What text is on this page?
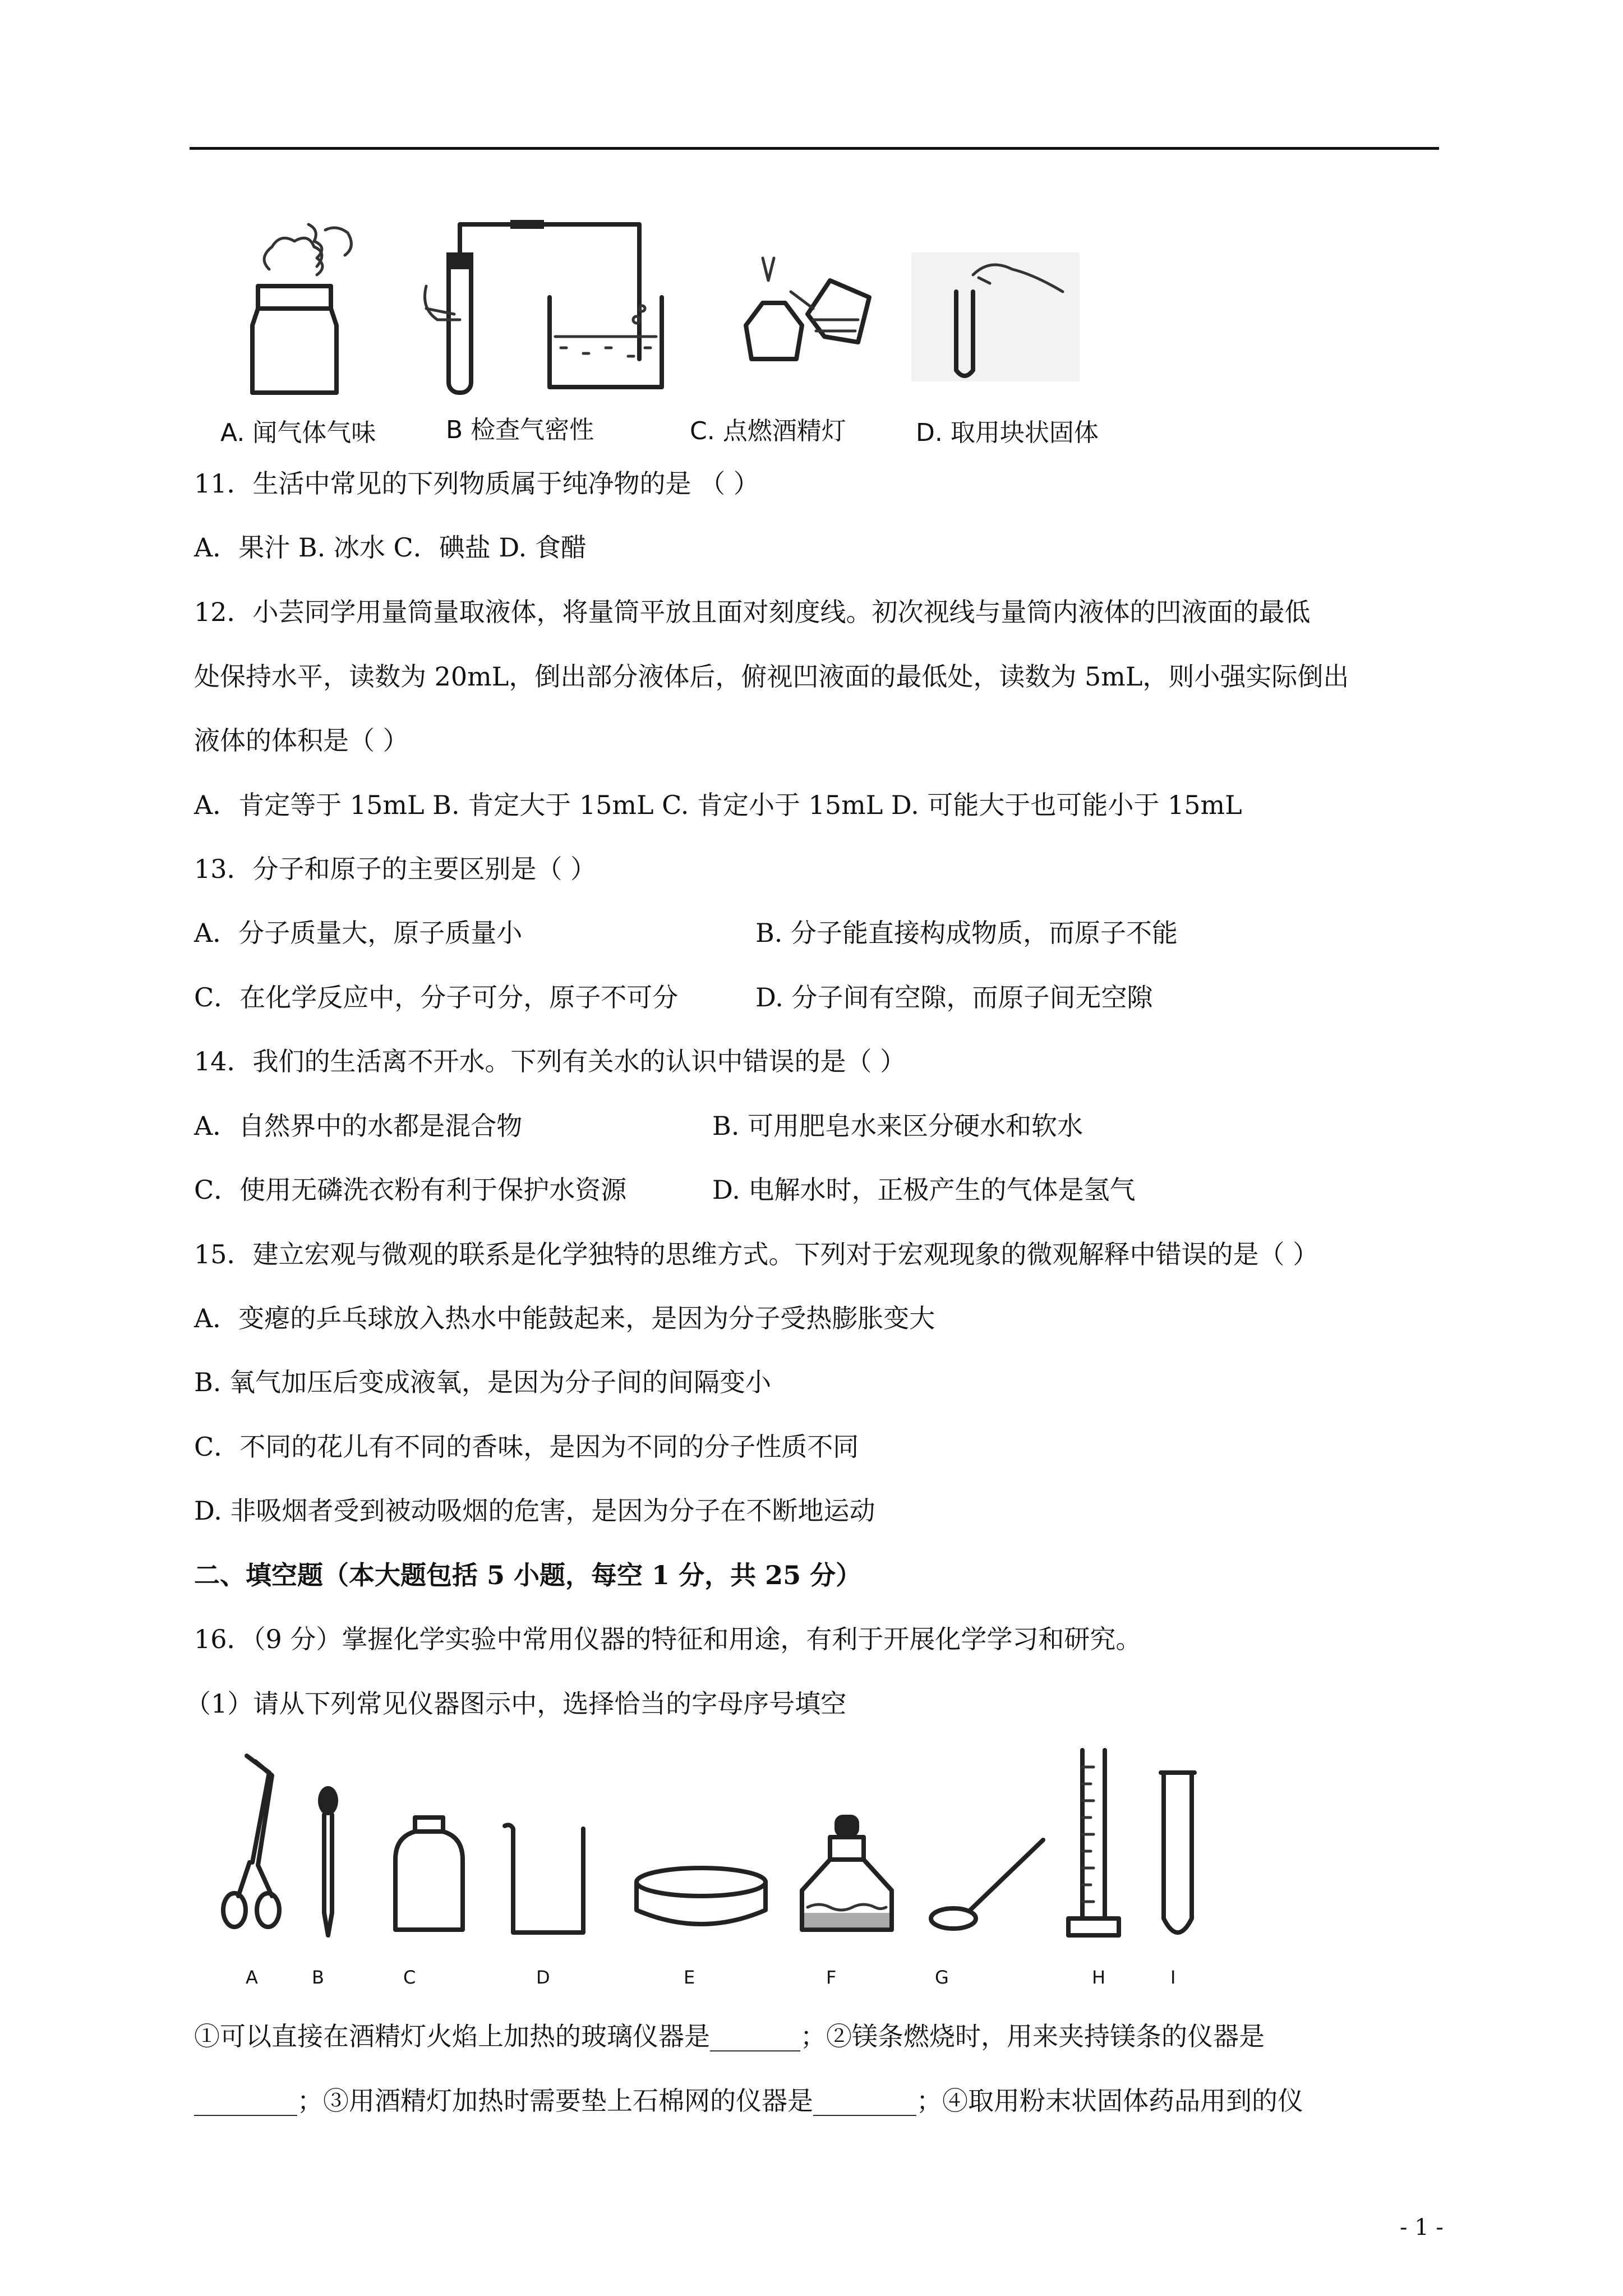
A. 闻气体气味	B 检查气密性	C. 点燃酒精灯	D. 取用块状固体
11．生活中常见的下列物质属于纯净物的是 （ ）
A．果汁 B. 冰水 C．碘盐 D. 食醋
12．小芸同学用量筒量取液体，将量筒平放且面对刻度线。初次视线与量筒内液体的凹液面的最低
处保持水平，读数为 20mL，倒出部分液体后，俯视凹液面的最低处，读数为 5mL，则小强实际倒出
液体的体积是（ ）
A．肯定等于 15mL B. 肯定大于 15mL C. 肯定小于 15mL D. 可能大于也可能小于 15mL
13．分子和原子的主要区别是（ ）
A．分子质量大，原子质量小	B. 分子能直接构成物质，而原子不能
C．在化学反应中，分子可分，原子不可分	D. 分子间有空隙，而原子间无空隙
14．我们的生活离不开水。下列有关水的认识中错误的是（ ）
A．自然界中的水都是混合物	B. 可用肥皂水来区分硬水和软水
C．使用无磷洗衣粉有利于保护水资源	D. 电解水时，正极产生的气体是氢气
15．建立宏观与微观的联系是化学独特的思维方式。下列对于宏观现象的微观解释中错误的是（ ）
A．变瘪的乒乓球放入热水中能鼓起来，是因为分子受热膨胀变大
B. 氧气加压后变成液氧，是因为分子间的间隔变小
C．不同的花儿有不同的香味，是因为不同的分子性质不同
D. 非吸烟者受到被动吸烟的危害，是因为分子在不断地运动
二、填空题（本大题包括 5 小题，每空 1 分，共 25 分）
16．（9 分）掌握化学实验中常用仪器的特征和用途，有利于开展化学学习和研究。
（1）请从下列常见仪器图示中，选择恰当的字母序号填空
A	B	C	D	E	F	G	H	I
①可以直接在酒精灯火焰上加热的玻璃仪器是_______；②镁条燃烧时，用来夹持镁条的仪器是
________；③用酒精灯加热时需要垫上石棉网的仪器是________；④取用粉末状固体药品用到的仪
- 1 -
